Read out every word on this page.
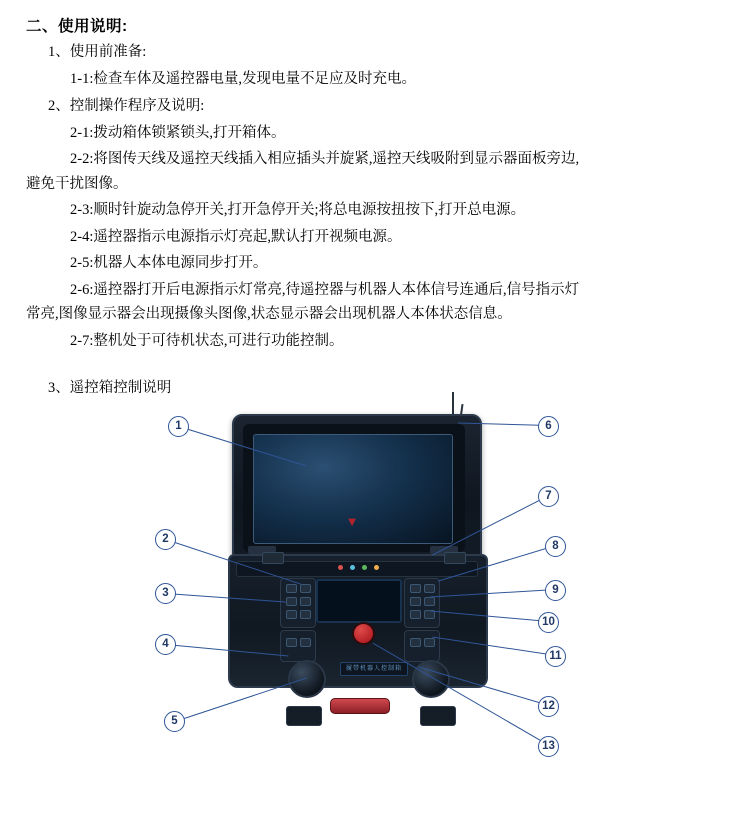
二、使用说明:
1、使用前准备:
1-1:检查车体及遥控器电量,发现电量不足应及时充电。
2、控制操作程序及说明:
2-1:拨动箱体锁紧锁头,打开箱体。
2-2:将图传天线及遥控天线插入相应插头并旋紧,遥控天线吸附到显示器面板旁边,
避免干扰图像。
2-3:顺时针旋动急停开关,打开急停开关;将总电源按扭按下,打开总电源。
2-4:遥控器指示电源指示灯亮起,默认打开视频电源。
2-5:机器人本体电源同步打开。
2-6:遥控器打开后电源指示灯常亮,待遥控器与机器人本体信号连通后,信号指示灯
常亮,图像显示器会出现摄像头图像,状态显示器会出现机器人本体状态信息。
2-7:整机处于可待机状态,可进行功能控制。
3、遥控箱控制说明
▼
履带机器人控制箱
1
2
3
4
5
6
7
8
9
10
11
12
13
